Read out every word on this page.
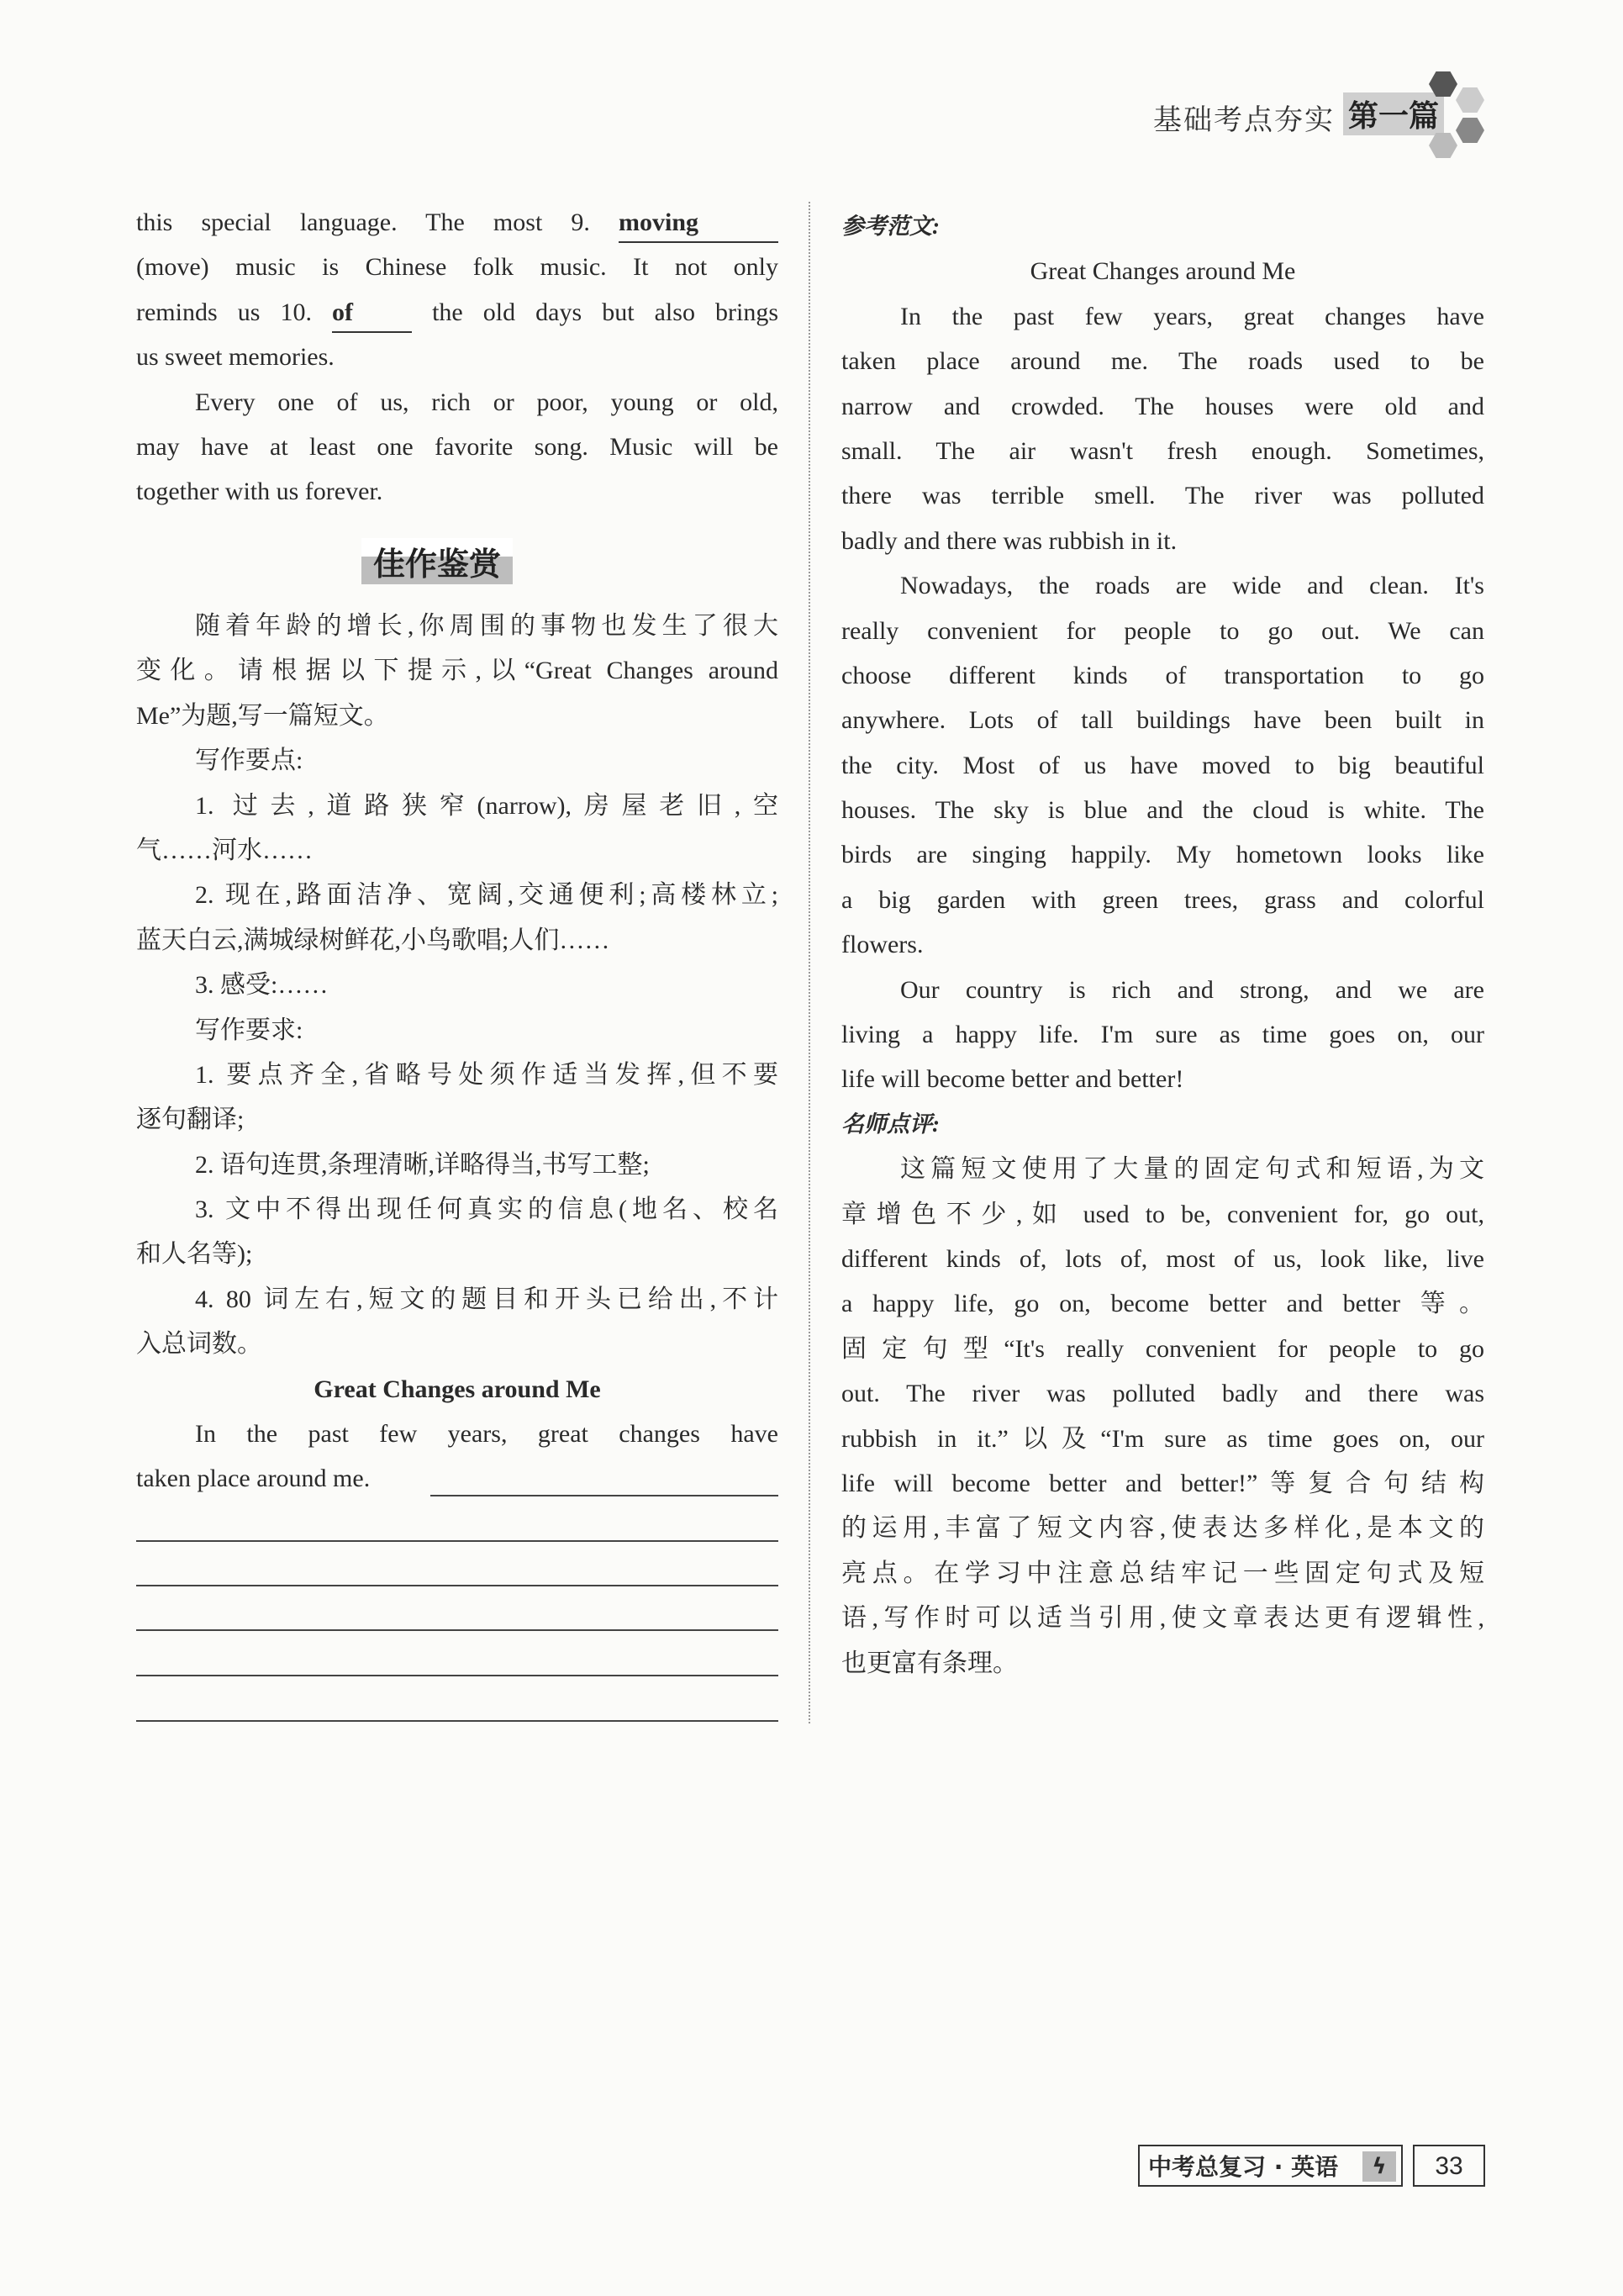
基础考点夯实 第一篇
this special language. The most 9. moving
(move) music is Chinese folk music. It not only
reminds us 10. of the old days but also brings
us sweet memories.
Every one of us, rich or poor, young or old,
may have at least one favorite song. Music will be
together with us forever.
佳作鉴赏
随着年龄的增长,你周围的事物也发生了很大
变化。请根据以下提示,以“Great Changes around
Me”为题,写一篇短文。
写作要点:
1. 过去,道路狭窄(narrow),房屋老旧,空
气……河水……
2. 现在,路面洁净、宽阔,交通便利;高楼林立;
蓝天白云,满城绿树鲜花,小鸟歌唱;人们……
3. 感受:……
写作要求:
1. 要点齐全,省略号处须作适当发挥,但不要
逐句翻译;
2. 语句连贯,条理清晰,详略得当,书写工整;
3. 文中不得出现任何真实的信息(地名、校名
和人名等);
4. 80 词左右,短文的题目和开头已给出,不计
入总词数。
Great Changes around Me
In the past few years, great changes have
taken place around me.
参考范文:
Great Changes around Me
In the past few years, great changes have
taken place around me. The roads used to be
narrow and crowded. The houses were old and
small. The air wasn't fresh enough. Sometimes,
there was terrible smell. The river was polluted
badly and there was rubbish in it.
Nowadays, the roads are wide and clean. It's
really convenient for people to go out. We can
choose different kinds of transportation to go
anywhere. Lots of tall buildings have been built in
the city. Most of us have moved to big beautiful
houses. The sky is blue and the cloud is white. The
birds are singing happily. My hometown looks like
a big garden with green trees, grass and colorful
flowers.
Our country is rich and strong, and we are
living a happy life. I'm sure as time goes on, our
life will become better and better!
名师点评:
这篇短文使用了大量的固定句式和短语,为文
章增色不少,如 used to be, convenient for, go out,
different kinds of, lots of, most of us, look like, live
a happy life, go on, become better and better 等。
固定句型“It's really convenient for people to go
out. The river was polluted badly and there was
rubbish in it.”以及“I'm sure as time goes on, our
life will become better and better!”等复合句结构
的运用,丰富了短文内容,使表达多样化,是本文的
亮点。在学习中注意总结牢记一些固定句式及短
语,写作时可以适当引用,使文章表达更有逻辑性,
也更富有条理。
中考总复习 · 英语	ϟ	33
